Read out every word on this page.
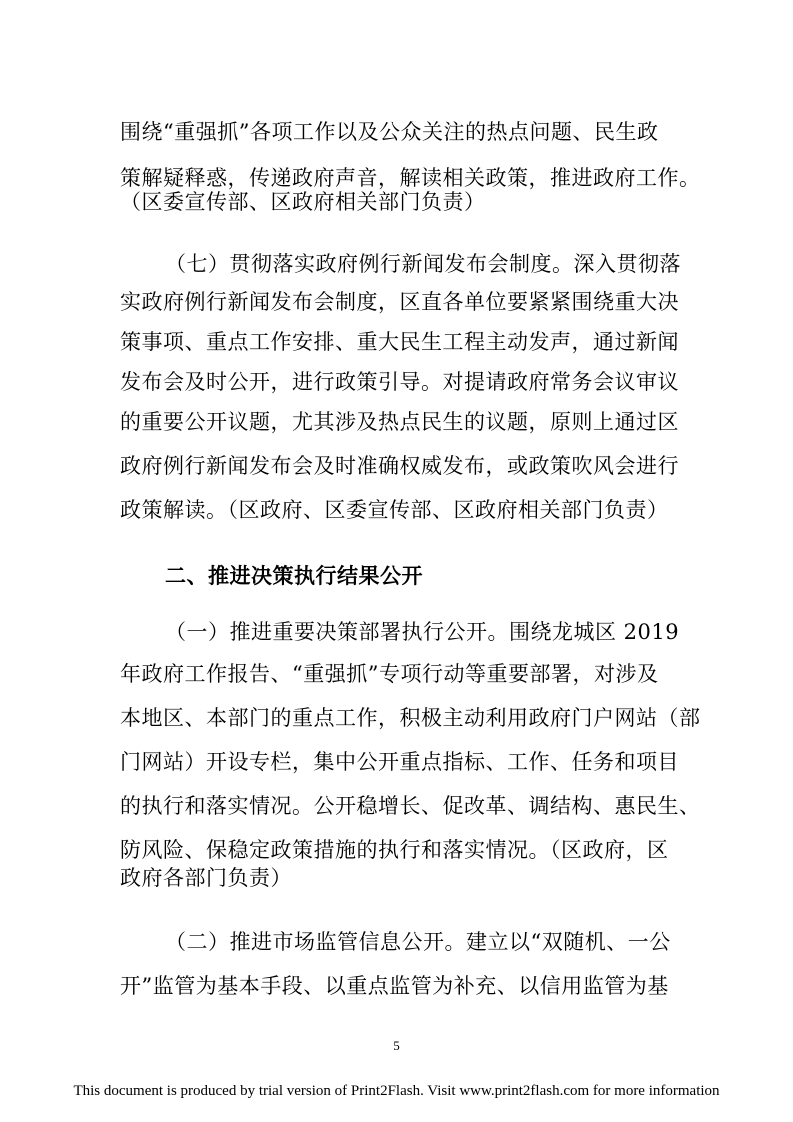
围绕“重强抓”各项工作以及公众关注的热点问题、民生政
策解疑释惑，传递政府声音，解读相关政策，推进政府工作。
（区委宣传部、区政府相关部门负责）
（七）贯彻落实政府例行新闻发布会制度。深入贯彻落
实政府例行新闻发布会制度，区直各单位要紧紧围绕重大决
策事项、重点工作安排、重大民生工程主动发声，通过新闻
发布会及时公开，进行政策引导。对提请政府常务会议审议
的重要公开议题，尤其涉及热点民生的议题，原则上通过区
政府例行新闻发布会及时准确权威发布，或政策吹风会进行
政策解读。（区政府、区委宣传部、区政府相关部门负责）
二、推进决策执行结果公开
（一）推进重要决策部署执行公开。围绕龙城区 2019
年政府工作报告、“重强抓”专项行动等重要部署，对涉及
本地区、本部门的重点工作，积极主动利用政府门户网站（部
门网站）开设专栏，集中公开重点指标、工作、任务和项目
的执行和落实情况。公开稳增长、促改革、调结构、惠民生、
防风险、保稳定政策措施的执行和落实情况。（区政府，区
政府各部门负责）
（二）推进市场监管信息公开。建立以“双随机、一公
开”监管为基本手段、以重点监管为补充、以信用监管为基
5
This document is produced by trial version of Print2Flash. Visit www.print2flash.com for more information
